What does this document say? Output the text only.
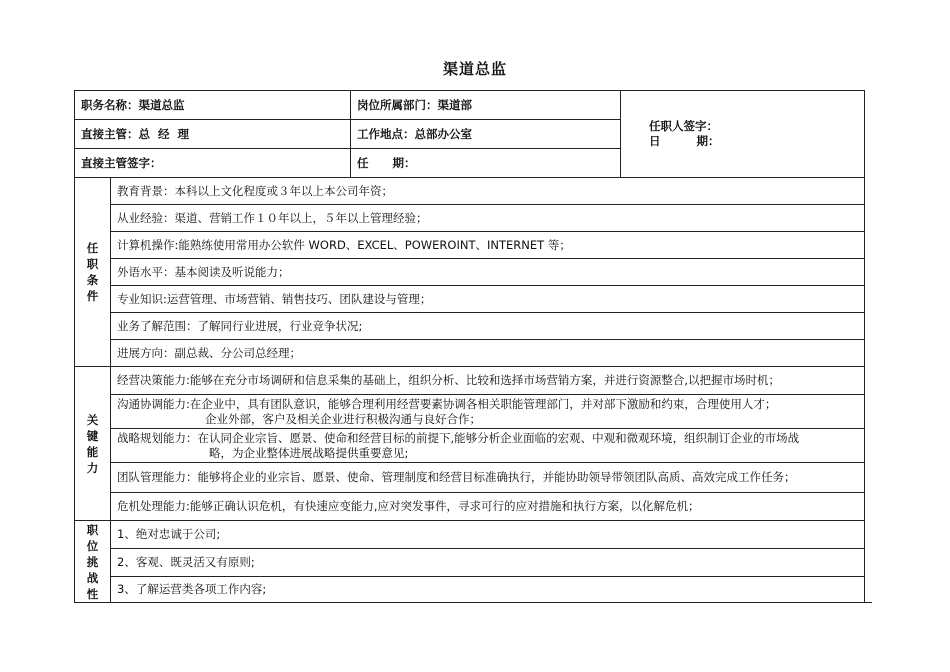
渠道总监
职务名称：渠道总监		岗位所属部门：渠道部	任职人签字：
日         期：

直接主管：总  经  理		工作地点：总部办公室	
直接主管签字：		任      期：	
任职条件	教育背景：本科以上文化程度或３年以上本公司年资；		
	从业经验：渠道、营销工作１０年以上，５年以上管理经验；		
	计算机操作:能熟练使用常用办公软件 WORD、EXCEL、POWEROINT、INTERNET 等；		
	外语水平：基本阅读及听说能力；		
	专业知识:运营管理、市场营销、销售技巧、团队建设与管理；		
	业务了解范围：了解同行业进展，行业竞争状况;		
	进展方向：副总裁、分公司总经理；		
关键能力	经营决策能力:能够在充分市场调研和信息采集的基础上，组织分析、比较和选择市场营销方案，并进行资源整合,以把握市场时机；		
	沟通协调能力:在企业中，具有团队意识，能够合理利用经营要素协调各相关职能管理部门，并对部下激励和约束，合理使用人才；
企业外部，客户及相关企业进行积极沟通与良好合作；		

	战略规划能力：在认同企业宗旨、愿景、使命和经营目标的前提下,能够分析企业面临的宏观、中观和微观环境，组织制订企业的市场战
略，为企业整体进展战略提供重要意见;		

	团队管理能力：能够将企业的业宗旨、愿景、使命、管理制度和经营目标准确执行，并能协助领导带领团队高质、高效完成工作任务；		
	危机处理能力:能够正确认识危机，有快速应变能力,应对突发事件，寻求可行的应对措施和执行方案，以化解危机；		
职位挑战性	1、绝对忠诚于公司;		
	2、客观、既灵活又有原则;		
	3、了解运营类各项工作内容;		
